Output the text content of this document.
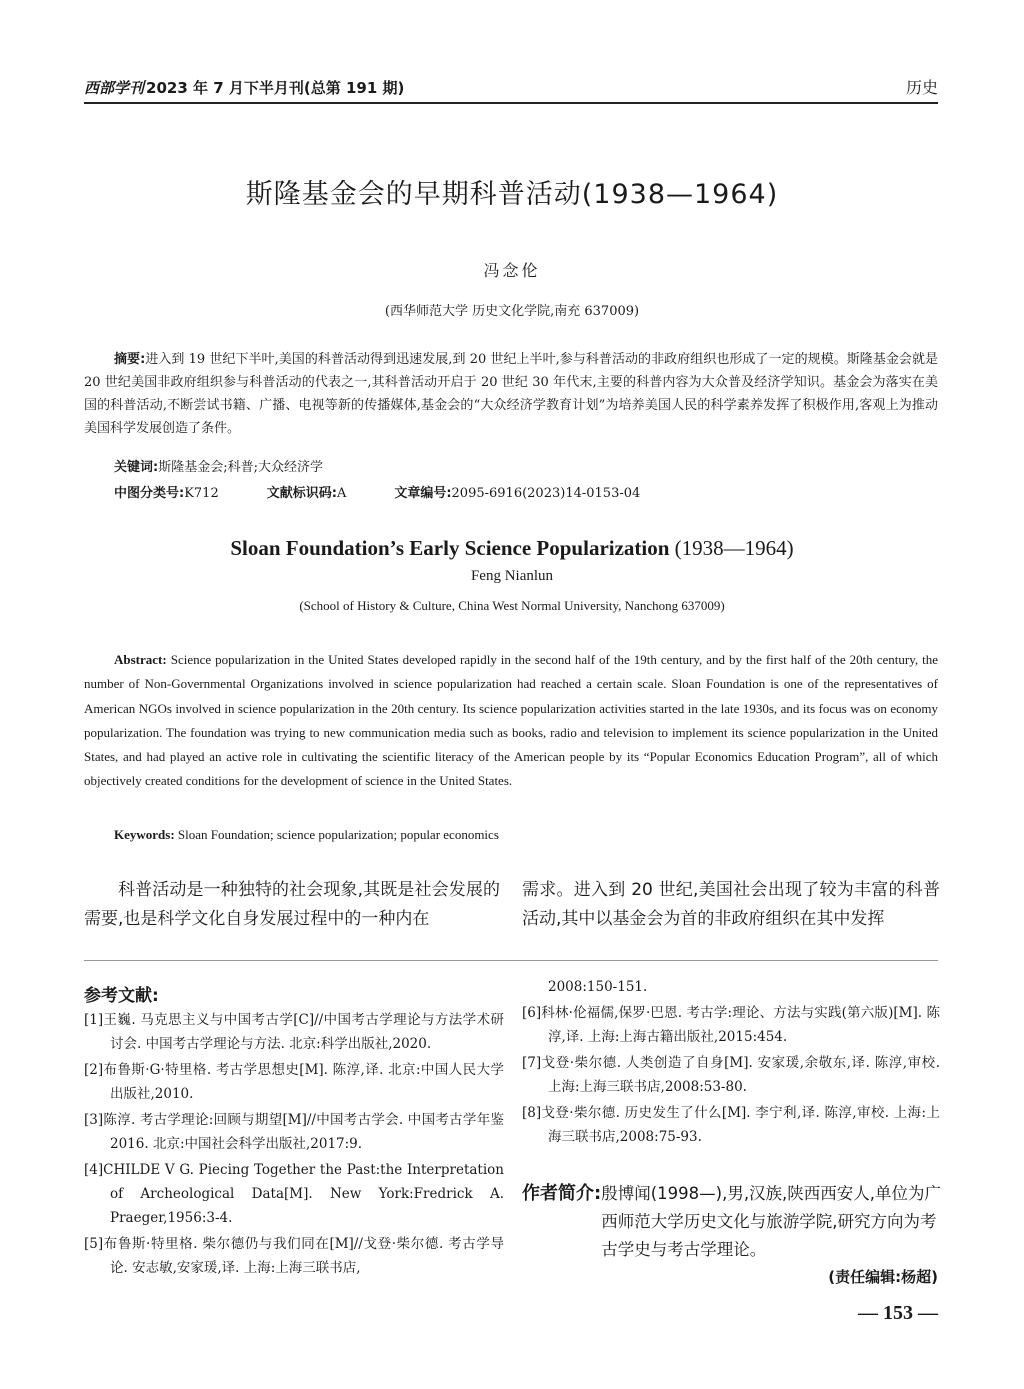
西部学刊 2023 年 7 月下半月刊(总第 191 期)	历史
斯隆基金会的早期科普活动(1938—1964)
冯念伦
(西华师范大学 历史文化学院,南充 637009)
摘要:进入到 19 世纪下半叶,美国的科普活动得到迅速发展,到 20 世纪上半叶,参与科普活动的非政府组织也形成了一定的规模。斯隆基金会就是 20 世纪美国非政府组织参与科普活动的代表之一,其科普活动开启于 20 世纪 30 年代末,主要的科普内容为大众普及经济学知识。基金会为落实在美国的科普活动,不断尝试书籍、广播、电视等新的传播媒体,基金会的“大众经济学教育计划”为培养美国人民的科学素养发挥了积极作用,客观上为推动美国科学发展创造了条件。
关键词:斯隆基金会;科普;大众经济学
中图分类号:K712	文献标识码:A	文章编号:2095-6916(2023)14-0153-04
Sloan Foundation’s Early Science Popularization (1938—1964)
Feng Nianlun
(School of History & Culture, China West Normal University, Nanchong 637009)
Abstract: Science popularization in the United States developed rapidly in the second half of the 19th century, and by the first half of the 20th century, the number of Non-Governmental Organizations involved in science popularization had reached a certain scale. Sloan Foundation is one of the representatives of American NGOs involved in science popularization in the 20th century. Its science popularization activities started in the late 1930s, and its focus was on economy popularization. The foundation was trying to new communication media such as books, radio and television to implement its science popularization in the United States, and had played an active role in cultivating the scientific literacy of the American people by its “Popular Economics Education Program”, all of which objectively created conditions for the development of science in the United States.
Keywords: Sloan Foundation; science popularization; popular economics
科普活动是一种独特的社会现象,其既是社会发展的需要,也是科学文化自身发展过程中的一种内在
需求。进入到 20 世纪,美国社会出现了较为丰富的科普活动,其中以基金会为首的非政府组织在其中发挥
参考文献:
[1]王巍. 马克思主义与中国考古学[C]//中国考古学理论与方法学术研讨会. 中国考古学理论与方法. 北京:科学出版社,2020.
[2]布鲁斯·G·特里格. 考古学思想史[M]. 陈淳,译. 北京:中国人民大学出版社,2010.
[3]陈淳. 考古学理论:回顾与期望[M]//中国考古学会. 中国考古学年鉴 2016. 北京:中国社会科学出版社,2017:9.
[4]CHILDE V G. Piecing Together the Past:the Interpretation of Archeological Data[M]. New York:Fredrick A. Praeger,1956:3-4.
[5]布鲁斯·特里格. 柴尔德仍与我们同在[M]//戈登·柴尔德. 考古学导论. 安志敏,安家瑗,译. 上海:上海三联书店,
2008:150-151.
[6]科林·伦福儒,保罗·巴恩. 考古学:理论、方法与实践(第六版)[M]. 陈淳,译. 上海:上海古籍出版社,2015:454.
[7]戈登·柴尔德. 人类创造了自身[M]. 安家瑗,余敬东,译. 陈淳,审校. 上海:上海三联书店,2008:53-80.
[8]戈登·柴尔德. 历史发生了什么[M]. 李宁利,译. 陈淳,审校. 上海:上海三联书店,2008:75-93.
作者简介: 殷博闻(1998—),男,汉族,陕西西安人,单位为广西师范大学历史文化与旅游学院,研究方向为考古学史与考古学理论。
(责任编辑:杨超)
— 153 —
